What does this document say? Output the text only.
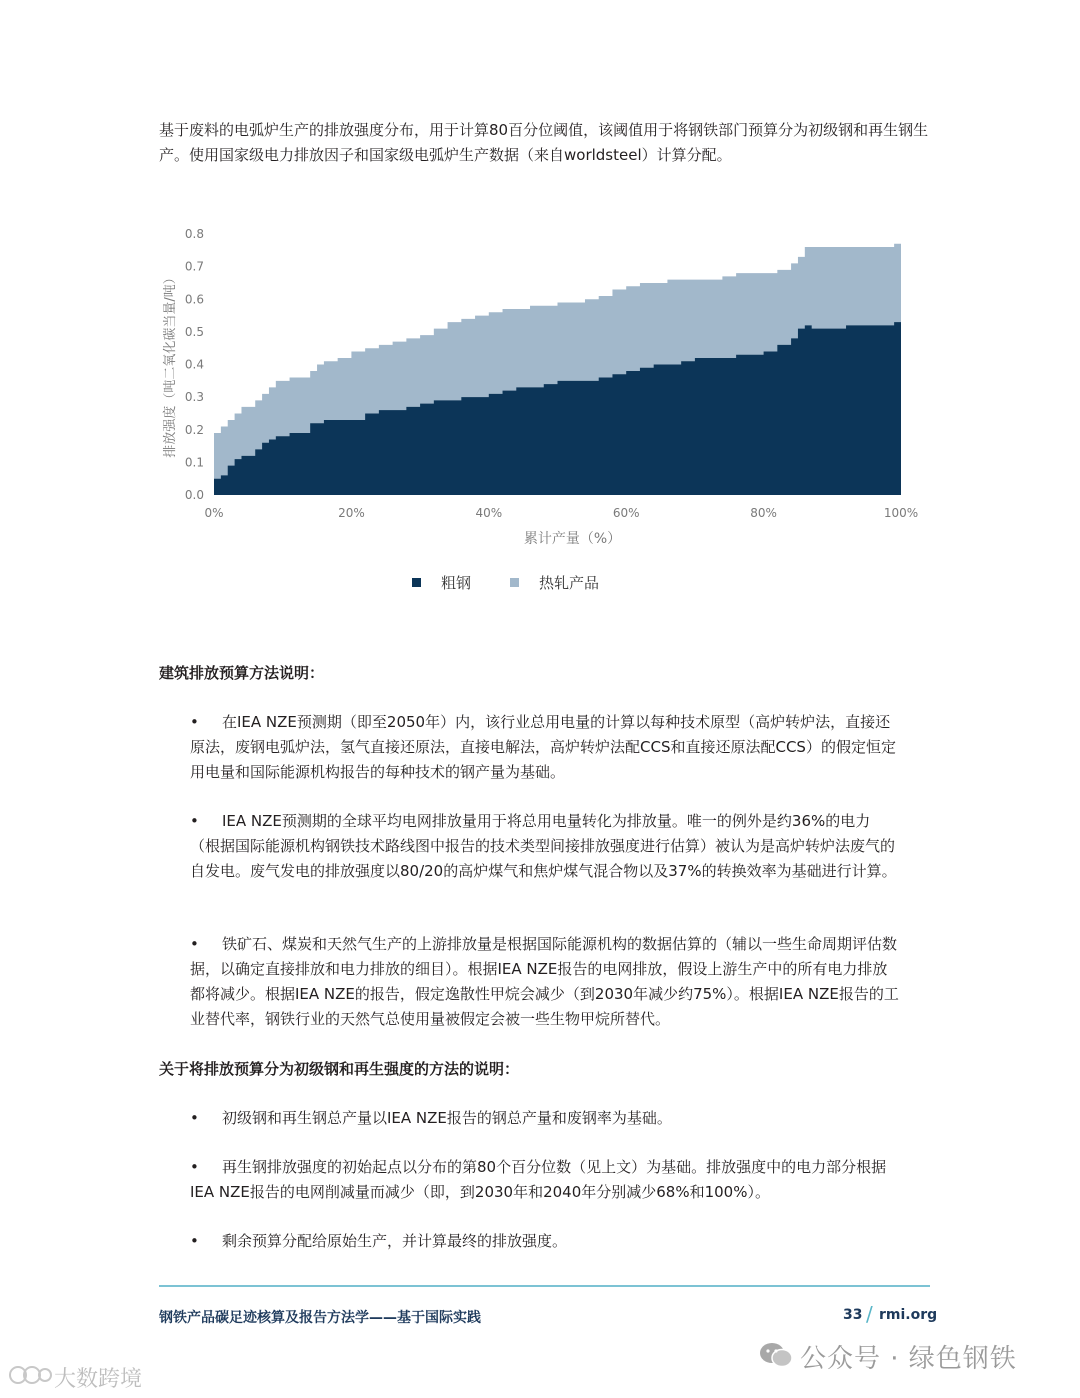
基于废料的电弧炉生产的排放强度分布，用于计算80百分位阈值，该阈值用于将钢铁部门预算分为初级钢和再生钢生产。使用国家级电力排放因子和国家级电弧炉生产数据（来自worldsteel）计算分配。
0.0
0.1
0.2
0.3
0.4
0.5
0.6
0.7
0.8
0%	20%	40%	60%	80%	100%
累计产量（%）
排放强度（吨二氧化碳当量/吨）
粗钢	热轧产品
建筑排放预算方法说明：
• 在IEA NZE预测期（即至2050年）内，该行业总用电量的计算以每种技术原型（高炉转炉法，直接还原法，废钢电弧炉法，氢气直接还原法，直接电解法，高炉转炉法配CCS和直接还原法配CCS）的假定恒定用电量和国际能源机构报告的每种技术的钢产量为基础。
• IEA NZE预测期的全球平均电网排放量用于将总用电量转化为排放量。唯一的例外是约36%的电力（根据国际能源机构钢铁技术路线图中报告的技术类型间接排放强度进行估算）被认为是高炉转炉法废气的自发电。废气发电的排放强度以80/20的高炉煤气和焦炉煤气混合物以及37%的转换效率为基础进行计算。
• 铁矿石、煤炭和天然气生产的上游排放量是根据国际能源机构的数据估算的（辅以一些生命周期评估数据，以确定直接排放和电力排放的细目）。根据IEA NZE报告的电网排放，假设上游生产中的所有电力排放都将减少。根据IEA NZE的报告，假定逸散性甲烷会减少（到2030年减少约75%）。根据IEA NZE报告的工业替代率，钢铁行业的天然气总使用量被假定会被一些生物甲烷所替代。
关于将排放预算分为初级钢和再生强度的方法的说明：
• 初级钢和再生钢总产量以IEA NZE报告的钢总产量和废钢率为基础。
• 再生钢排放强度的初始起点以分布的第80个百分位数（见上文）为基础。排放强度中的电力部分根据IEA NZE报告的电网削减量而减少（即，到2030年和2040年分别减少68%和100%）。
• 剩余预算分配给原始生产，并计算最终的排放强度。
钢铁产品碳足迹核算及报告方法学——基于国际实践	33 / rmi.org
公众号 · 绿色钢铁
大数跨境
